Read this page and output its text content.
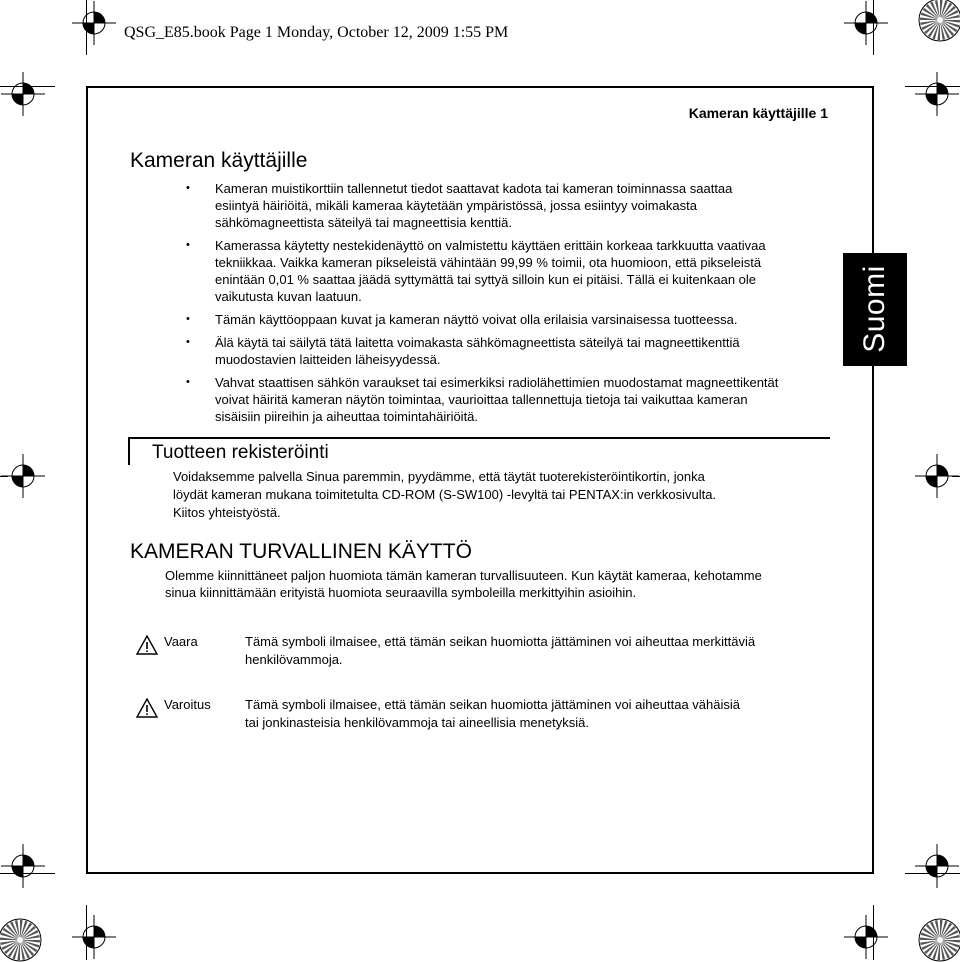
QSG_E85.book Page 1 Monday, October 12, 2009 1:55 PM
Kameran käyttäjille 1
Suomi
Kameran käyttäjille
• Kameran muistikorttiin tallennetut tiedot saattavat kadota tai kameran toiminnassa saattaa
esiintyä häiriöitä, mikäli kameraa käytetään ympäristössä, jossa esiintyy voimakasta
sähkömagneettista säteilyä tai magneettisia kenttiä.
• Kamerassa käytetty nestekidenäyttö on valmistettu käyttäen erittäin korkeaa tarkkuutta vaativaa
tekniikkaa. Vaikka kameran pikseleistä vähintään 99,99 % toimii, ota huomioon, että pikseleistä
enintään 0,01 % saattaa jäädä syttymättä tai syttyä silloin kun ei pitäisi. Tällä ei kuitenkaan ole
vaikutusta kuvan laatuun.
• Tämän käyttöoppaan kuvat ja kameran näyttö voivat olla erilaisia varsinaisessa tuotteessa.
• Älä käytä tai säilytä tätä laitetta voimakasta sähkömagneettista säteilyä tai magneettikenttiä
muodostavien laitteiden läheisyydessä.
• Vahvat staattisen sähkön varaukset tai esimerkiksi radiolähettimien muodostamat magneettikentät
voivat häiritä kameran näytön toimintaa, vaurioittaa tallennettuja tietoja tai vaikuttaa kameran
sisäisiin piireihin ja aiheuttaa toimintahäiriöitä.
Tuotteen rekisteröinti
Voidaksemme palvella Sinua paremmin, pyydämme, että täytät tuoterekisteröintikortin, jonka
löydät kameran mukana toimitetulta CD-ROM (S-SW100) -levyltä tai PENTAX:in verkkosivulta.
Kiitos yhteistyöstä.
KAMERAN TURVALLINEN KÄYTTÖ
Olemme kiinnittäneet paljon huomiota tämän kameran turvallisuuteen. Kun käytät kameraa, kehotamme
sinua kiinnittämään erityistä huomiota seuraavilla symboleilla merkittyihin asioihin.
Vaara	Tämä symboli ilmaisee, että tämän seikan huomiotta jättäminen voi aiheuttaa merkittäviä
henkilövammoja.
Varoitus	Tämä symboli ilmaisee, että tämän seikan huomiotta jättäminen voi aiheuttaa vähäisiä
tai jonkinasteisia henkilövammoja tai aineellisia menetyksiä.
